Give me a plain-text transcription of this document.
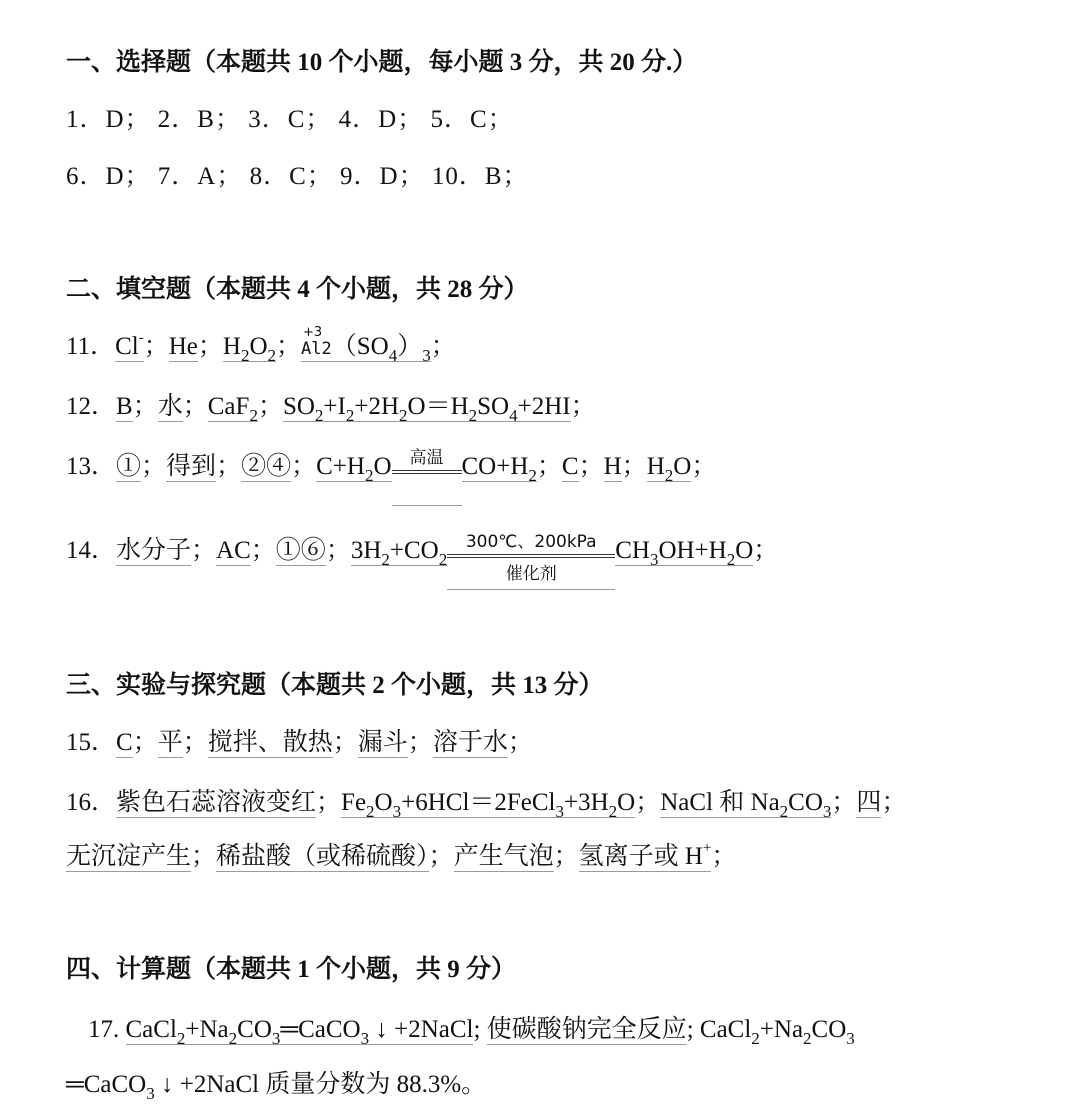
一、选择题（本题共 10 个小题，每小题 3 分，共 20 分.）
1．D； 2．B； 3．C； 4．D； 5．C；
6．D； 7．A； 8．C； 9．D； 10．B；
二、填空题（本题共 4 个小题，共 28 分）
11．Cl-；He；$H_2O_2$；
+3
$Al2(SO_4)_3$；
12．B；水；CaF$_2$；$SO_2+I_2+2H_2O=H_2SO_4+2HI$；
13．①；得到；②④；$C+H_2O$	高温 $CO+H_2$；C；H；$H_2O$；
14．水分子；AC；①⑥；$3H_2+CO_2$
300℃、200kPa
催化剂
$CH_3OH+H_2O$；
三、实验与探究题（本题共 2 个小题，共 13 分）
15．C；平；搅拌、散热；漏斗；溶于水；
16．紫色石蕊溶液变红；$Fe_2O_3+6HCl=2FeCl_3+3H_2O$；NaCl 和 $Na_2CO_3$；四；
无沉淀产生；稀盐酸（或稀硫酸）；产生气泡；氢离子或 H+；
四、计算题（本题共 1 个小题，共 9 分）
17. $CaCl_2+Na_2CO_3═CaCO_3$ ↓ +2NaCl; 使碳酸钠完全反应; $CaCl_2+Na_2CO_3$
═CaCO$_3$ ↓ +2NaCl 质量分数为 88.3%。
